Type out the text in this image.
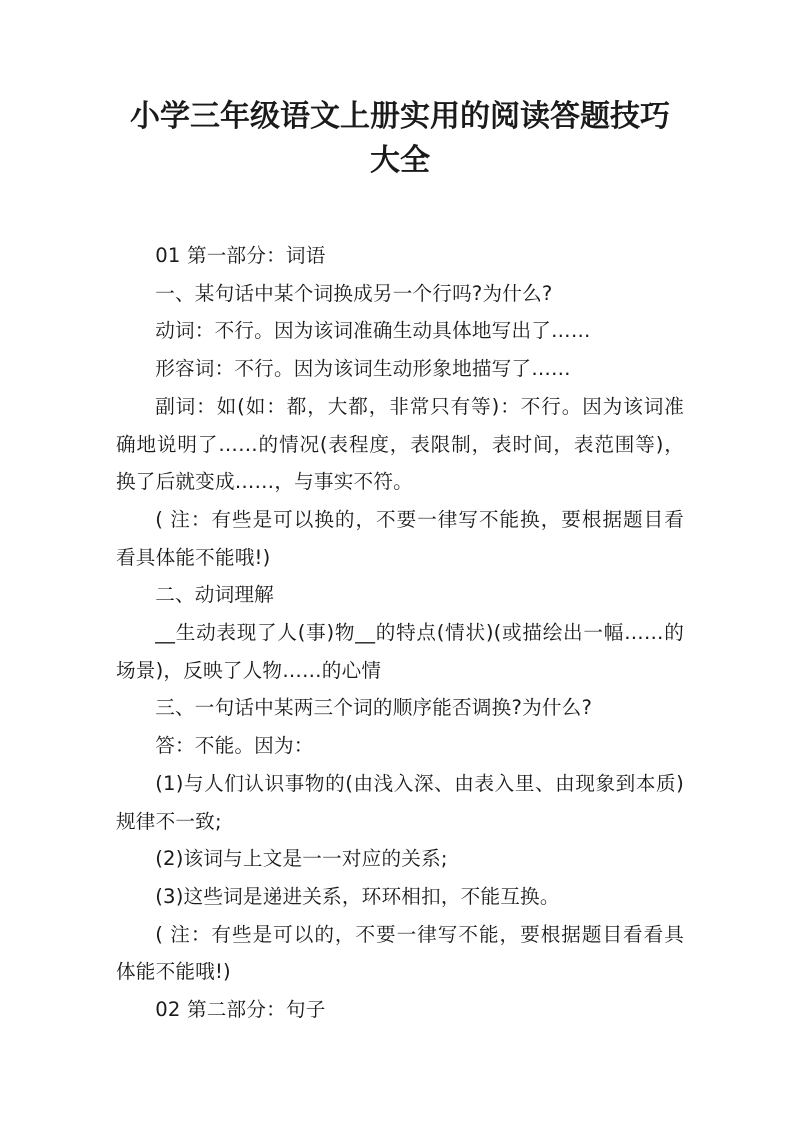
小学三年级语文上册实用的阅读答题技巧大全

01 第一部分：词语

一、某句话中某个词换成另一个行吗?为什么?

动词：不行。因为该词准确生动具体地写出了……

形容词：不行。因为该词生动形象地描写了……

副词：如(如：都，大都，非常只有等)：不行。因为该词准确地说明了……的情况(表程度，表限制，表时间，表范围等)，换了后就变成……，与事实不符。

( 注：有些是可以换的，不要一律写不能换，要根据题目看看具体能不能哦!)

二、动词理解

__生动表现了人(事)物__的特点(情状)(或描绘出一幅……的场景)，反映了人物……的心情

三、一句话中某两三个词的顺序能否调换?为什么?

答：不能。因为：

(1)与人们认识事物的(由浅入深、由表入里、由现象到本质)规律不一致;

(2)该词与上文是一一对应的关系;

(3)这些词是递进关系，环环相扣，不能互换。

( 注：有些是可以的，不要一律写不能，要根据题目看看具体能不能哦!)

02 第二部分：句子
